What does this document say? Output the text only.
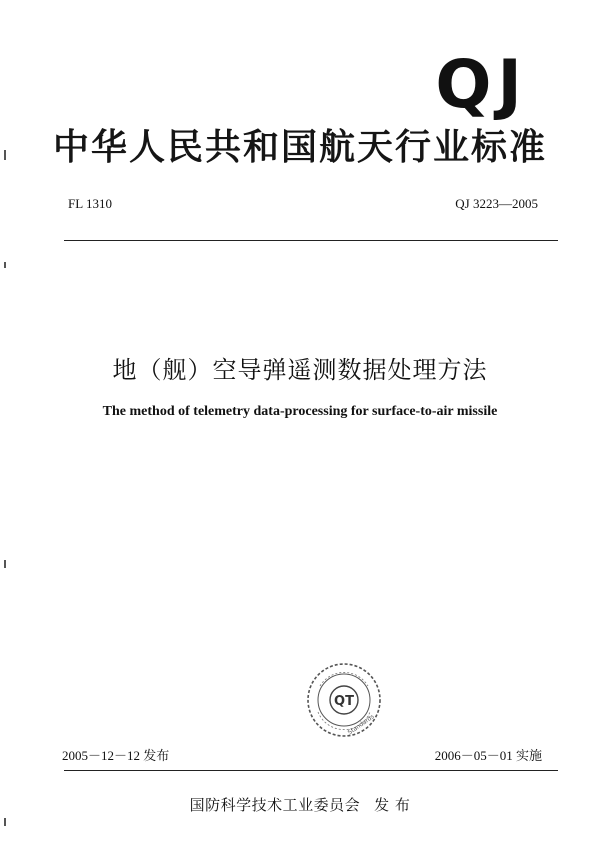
QJ
中华人民共和国航天行业标准
FL 1310	QJ 3223—2005
地（舰）空导弹遥测数据处理方法
The method of telemetry data-processing for surface-to-air missile
QT
Standards
2005－12－12 发布	2006－05－01 实施
国防科学技术工业委员会 发 布
